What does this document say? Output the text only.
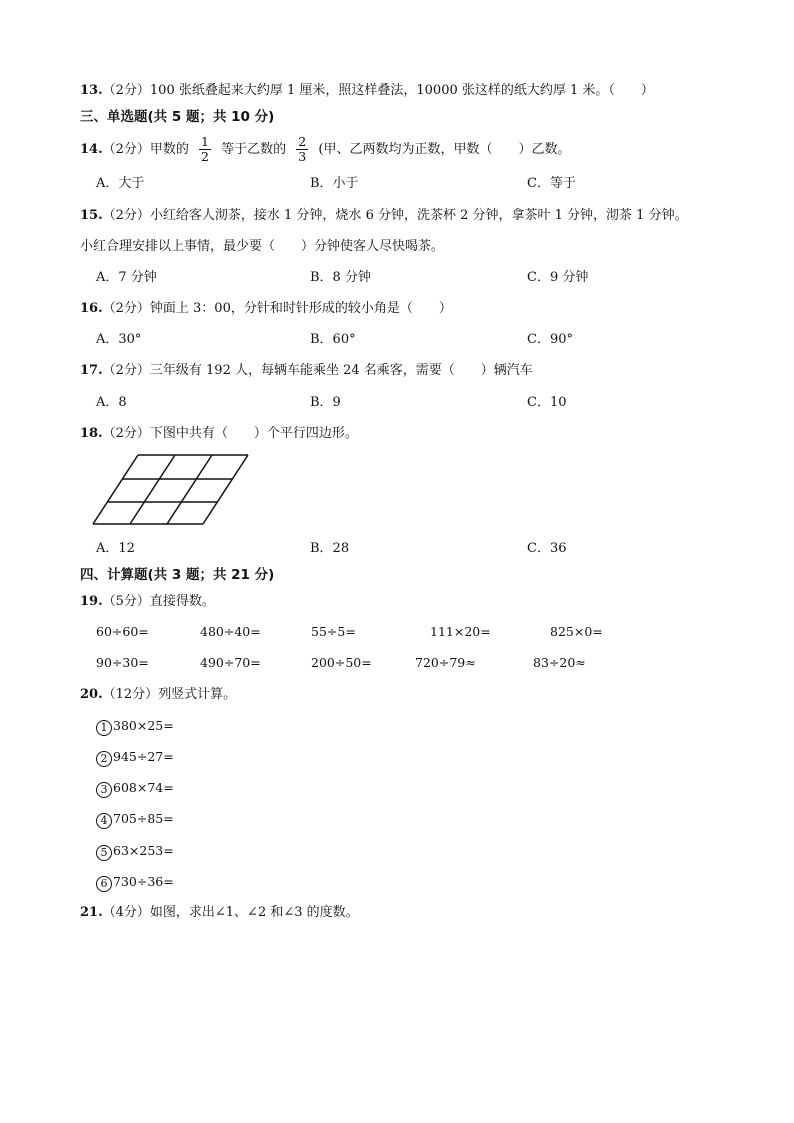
13.（2分）100 张纸叠起来大约厚 1 厘米，照这样叠法，10000 张这样的纸大约厚 1 米。（　　）
三、单选题(共 5 题；共 10 分)
14.（2分）甲数的 $\frac{1}{2}$ 等于乙数的 $\frac{2}{3}$ (甲、乙两数均为正数，甲数（　　）乙数。
A．大于	B．小于	C．等于
15.（2分）小红给客人沏茶，接水 1 分钟，烧水 6 分钟，洗茶杯 2 分钟，拿茶叶 1 分钟，沏茶 1 分钟。
小红合理安排以上事情，最少要（　　）分钟使客人尽快喝茶。
A．7 分钟	B．8 分钟	C．9 分钟
16.（2分）钟面上 3：00，分针和时针形成的较小角是（　　）
A．30°	B．60°	C．90°
17.（2分）三年级有 192 人，每辆车能乘坐 24 名乘客，需要（　　）辆汽车
A．8	B．9	C．10
18.（2分）下图中共有（　　）个平行四边形。
A．12	B．28	C．36
四、计算题(共 3 题；共 21 分)
19.（5分）直接得数。
60÷60=	480÷40=	55÷5=	111×20=	825×0=
90÷30=	490÷70=	200÷50=	720÷79≈	83÷20≈
20.（12分）列竖式计算。
1 380×25=
2 945÷27=
3 608×74=
4 705÷85=
5 63×253=
6 730÷36=
21.（4分）如图，求出∠1、∠2 和∠3 的度数。
